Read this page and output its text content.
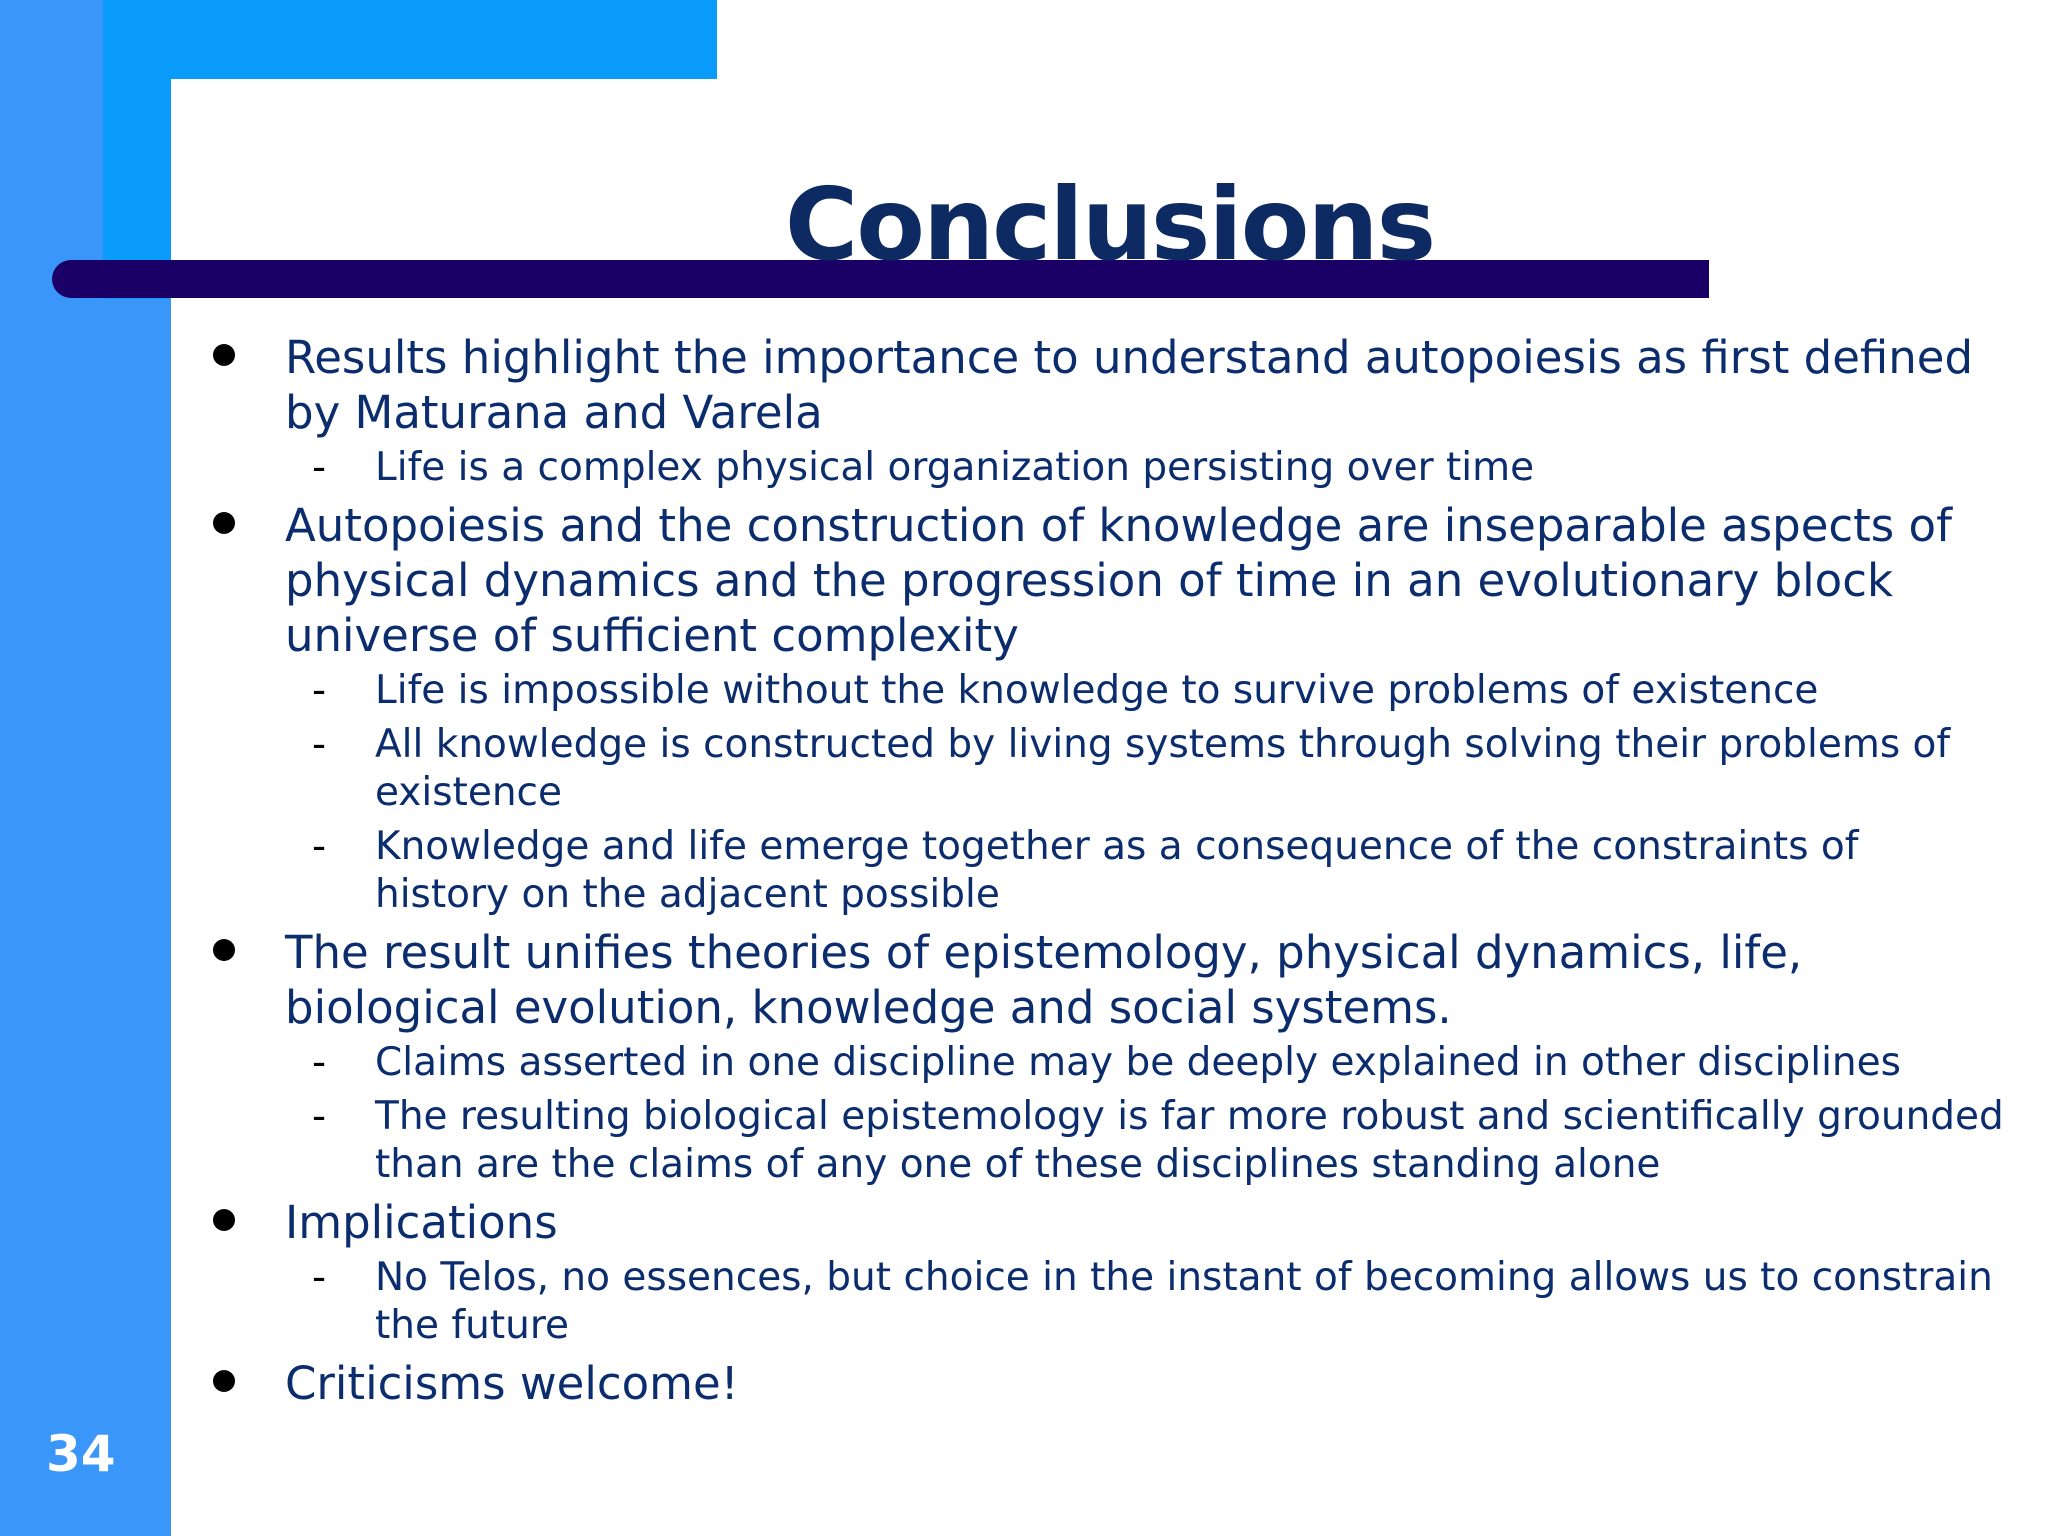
Conclusions
Results highlight the importance to understand autopoiesis as first defined by Maturana and Varela
- Life is a complex physical organization persisting over time
Autopoiesis and the construction of knowledge are inseparable aspects of physical dynamics and the progression of time in an evolutionary block universe of sufficient complexity
- Life is impossible without the knowledge to survive problems of existence
- All knowledge is constructed by living systems through solving their problems of existence
- Knowledge and life emerge together as a consequence of the constraints of history on the adjacent possible
The result unifies theories of epistemology, physical dynamics, life, biological evolution, knowledge and social systems.
- Claims asserted in one discipline may be deeply explained in other disciplines
- The resulting biological epistemology is far more robust and scientifically grounded than are the claims of any one of these disciplines standing alone
Implications
- No Telos, no essences, but choice in the instant of becoming allows us to constrain the future
Criticisms welcome!
34
